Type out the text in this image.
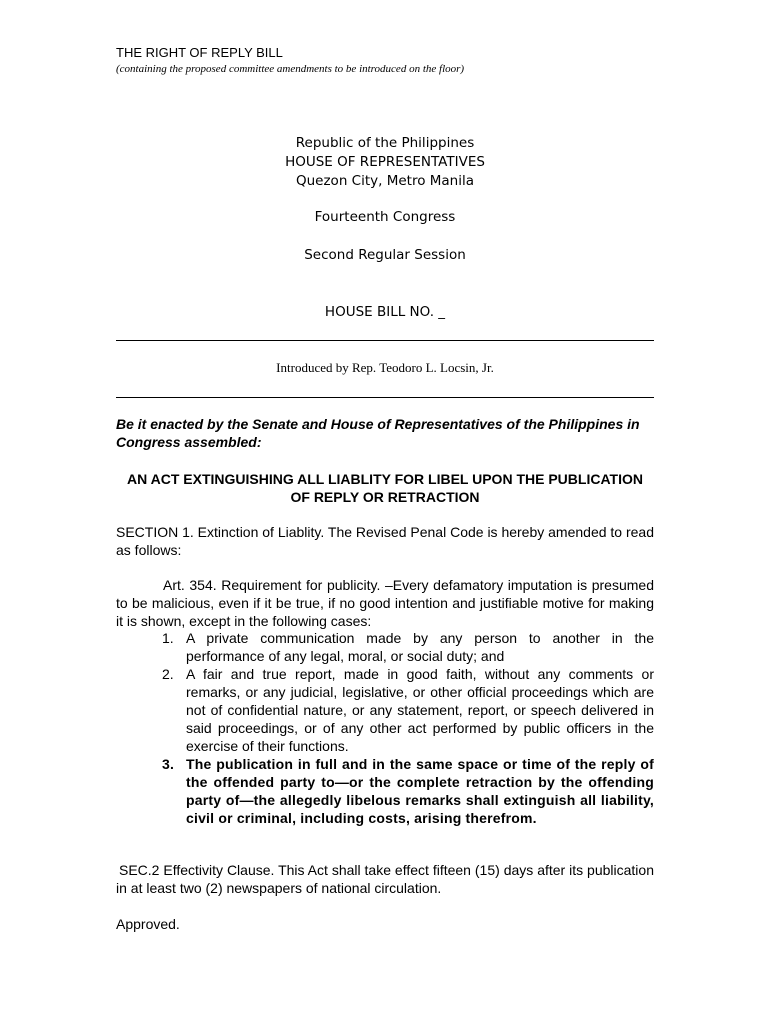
THE RIGHT OF REPLY BILL
(containing the proposed committee amendments to be introduced on the floor)
Republic of the Philippines
HOUSE OF REPRESENTATIVES
Quezon City, Metro Manila
Fourteenth Congress
Second Regular Session
HOUSE BILL NO. _
Introduced by Rep. Teodoro L. Locsin, Jr.
Be it enacted by the Senate and House of Representatives of the Philippines in Congress assembled:
AN ACT EXTINGUISHING ALL LIABLITY FOR LIBEL UPON THE PUBLICATION OF REPLY OR RETRACTION
SECTION 1. Extinction of Liablity. The Revised Penal Code is hereby amended to read as follows:
Art. 354. Requirement for publicity. –Every defamatory imputation is presumed to be malicious, even if it be true, if no good intention and justifiable motive for making it is shown, except in the following cases:
1. A private communication made by any person to another in the performance of any legal, moral, or social duty; and
2. A fair and true report, made in good faith, without any comments or remarks, or any judicial, legislative, or other official proceedings which are not of confidential nature, or any statement, report, or speech delivered in said proceedings, or of any other act performed by public officers in the exercise of their functions.
3. The publication in full and in the same space or time of the reply of the offended party to—or the complete retraction by the offending party of—the allegedly libelous remarks shall extinguish all liability, civil or criminal, including costs, arising therefrom.
SEC.2 Effectivity Clause. This Act shall take effect fifteen (15) days after its publication in at least two (2) newspapers of national circulation.
Approved.
